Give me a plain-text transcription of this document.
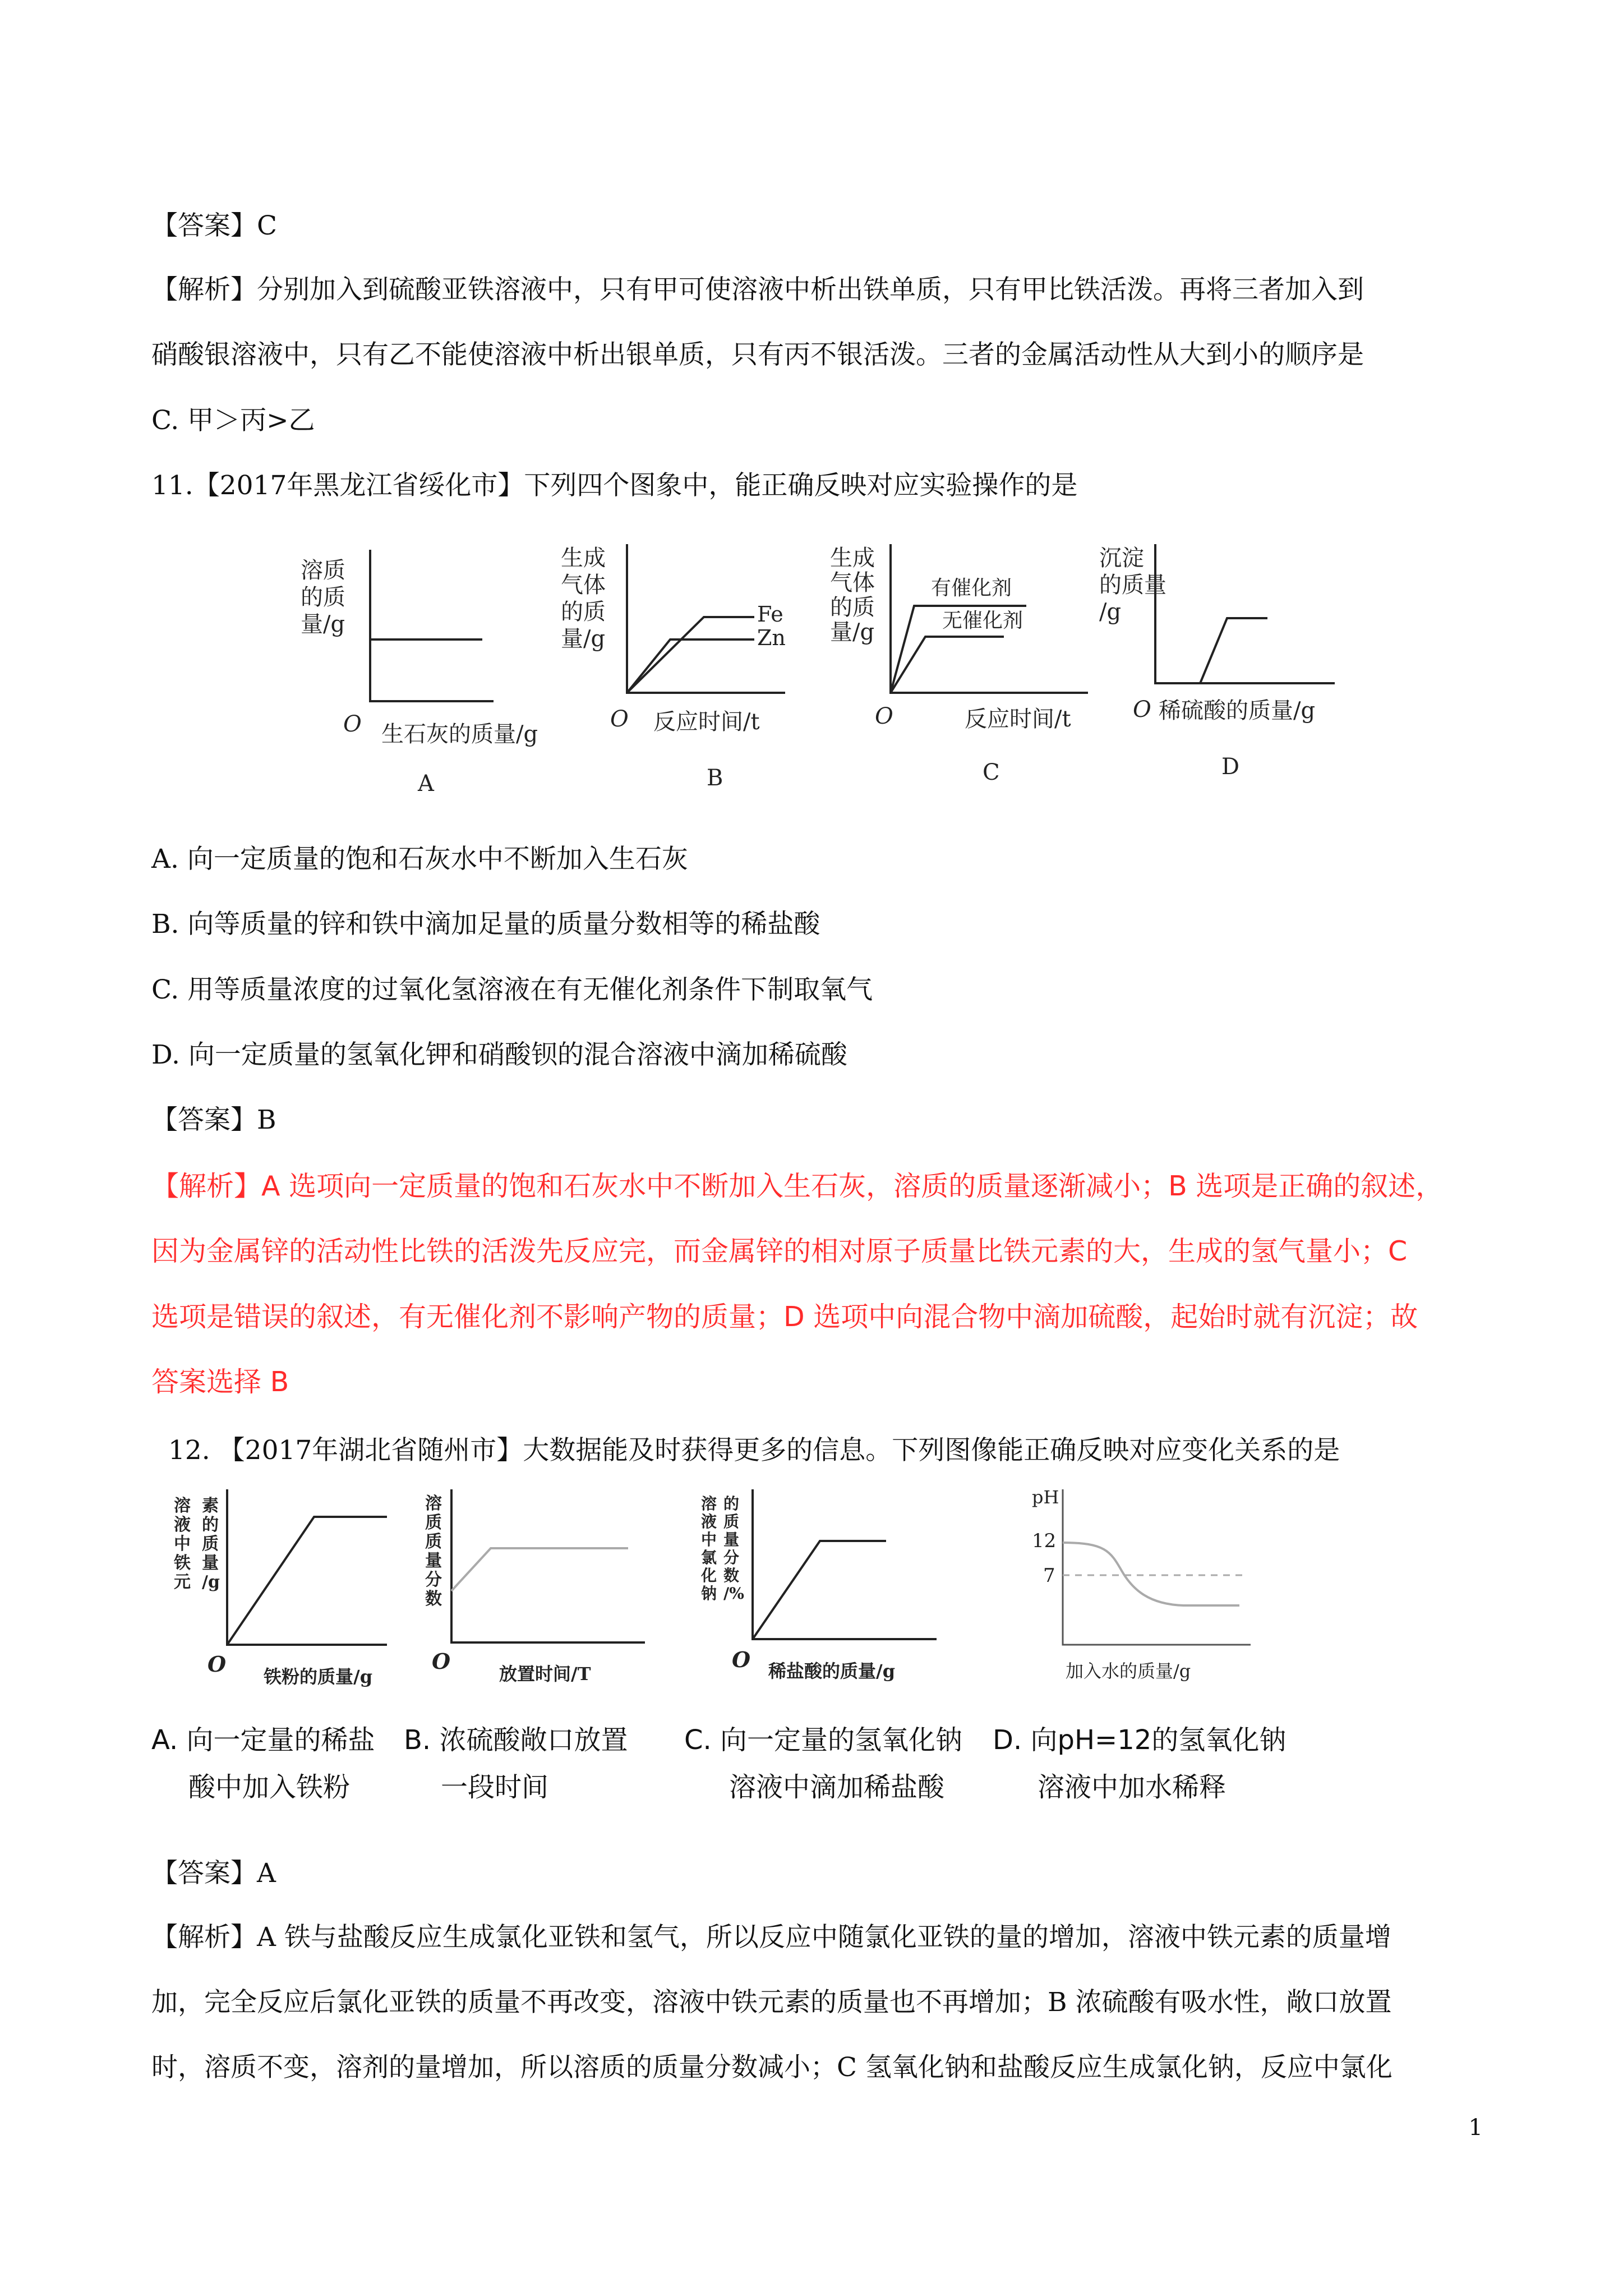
【答案】C
【解析】分别加入到硫酸亚铁溶液中，只有甲可使溶液中析出铁单质，只有甲比铁活泼。再将三者加入到
硝酸银溶液中，只有乙不能使溶液中析出银单质，只有丙不银活泼。三者的金属活动性从大到小的顺序是
C. 甲＞丙>乙
11.【2017年黑龙江省绥化市】下列四个图象中，能正确反映对应实验操作的是
溶质
的质
量/g
O 生石灰的质量/g
A
生成
气体
的质
量/g
Fe
Zn
O 反应时间/t
B
生成
气体
的质
量/g
有催化剂
无催化剂
O	反应时间/t
C
沉淀
的质量
/g
O 稀硫酸的质量/g
D
A. 向一定质量的饱和石灰水中不断加入生石灰
B. 向等质量的锌和铁中滴加足量的质量分数相等的稀盐酸
C. 用等质量浓度的过氧化氢溶液在有无催化剂条件下制取氧气
D. 向一定质量的氢氧化钾和硝酸钡的混合溶液中滴加稀硫酸
【答案】B
【解析】A 选项向一定质量的饱和石灰水中不断加入生石灰，溶质的质量逐渐减小；B 选项是正确的叙述，
因为金属锌的活动性比铁的活泼先反应完，而金属锌的相对原子质量比铁元素的大，生成的氢气量小；C
选项是错误的叙述，有无催化剂不影响产物的质量；D 选项中向混合物中滴加硫酸，起始时就有沉淀；故
答案选择 B
12. 【2017年湖北省随州市】大数据能及时获得更多的信息。下列图像能正确反映对应变化关系的是
溶
液
中
铁
元
素
的
质
量
/g
O 铁粉的质量/g
溶
质
质
量
分
数
O	放置时间/T
溶
液
中
氯
化
钠
的
质
量
分
数
/%
O 稀盐酸的质量/g
pH
12
7
加入水的质量/g
A. 向一定量的稀盐
酸中加入铁粉
B. 浓硫酸敞口放置
一段时间
C. 向一定量的氢氧化钠
溶液中滴加稀盐酸
D. 向pH=12的氢氧化钠
溶液中加水稀释
【答案】A
【解析】A 铁与盐酸反应生成氯化亚铁和氢气，所以反应中随氯化亚铁的量的增加，溶液中铁元素的质量增
加，完全反应后氯化亚铁的质量不再改变，溶液中铁元素的质量也不再增加；B 浓硫酸有吸水性，敞口放置
时，溶质不变，溶剂的量增加，所以溶质的质量分数减小；C 氢氧化钠和盐酸反应生成氯化钠，反应中氯化
1
